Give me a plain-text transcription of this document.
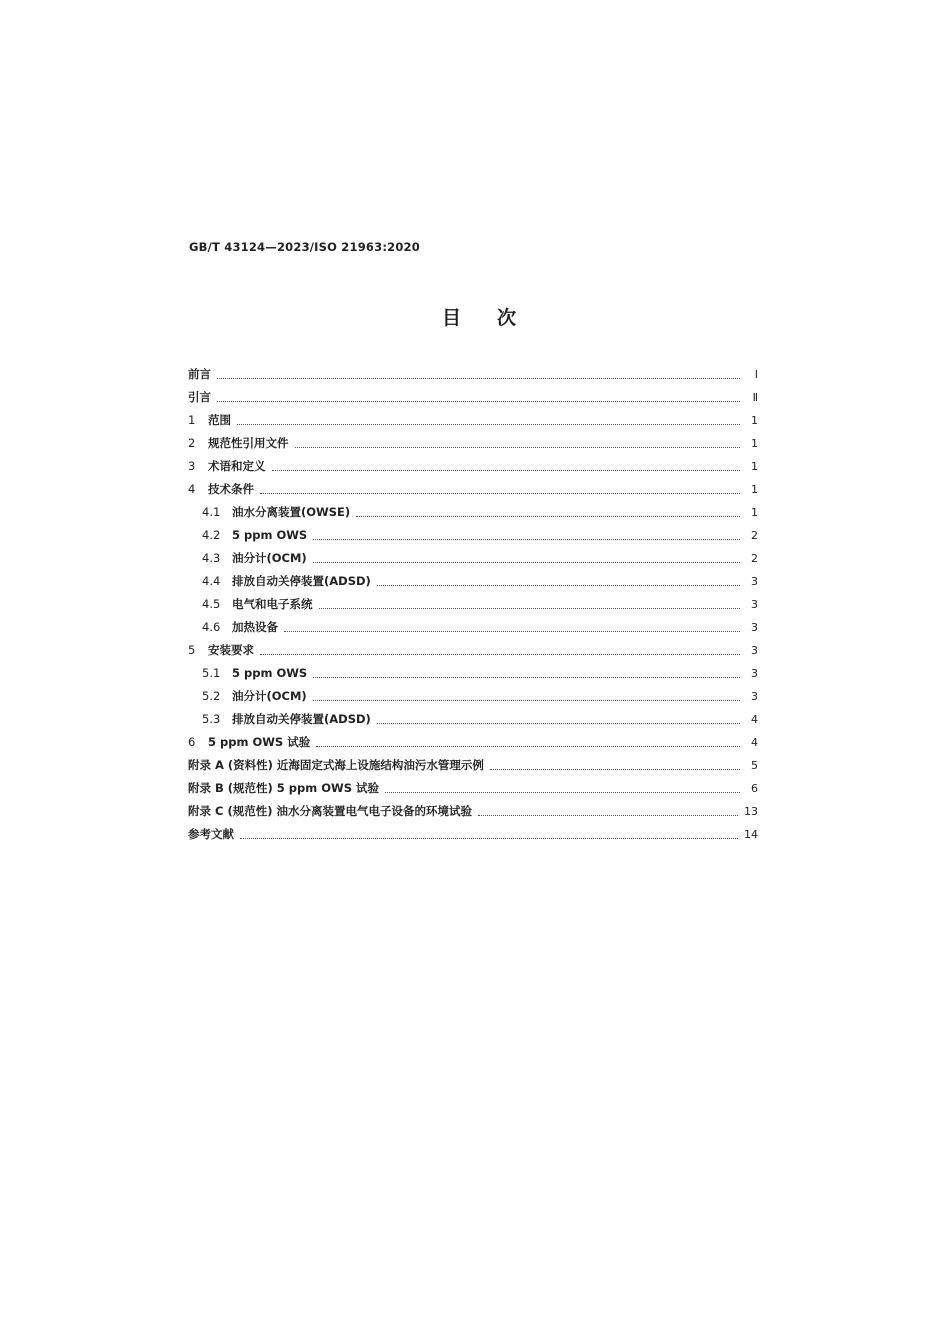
GB/T 43124—2023/ISO 21963:2020
目次
前言	I
引言	Ⅱ
1	范围	1
2	规范性引用文件	1
3	术语和定义	1
4	技术条件	1
4.1	油水分离装置(OWSE)	1
4.2	5 ppm OWS	2
4.3	油分计(OCM)	2
4.4	排放自动关停装置(ADSD)	3
4.5	电气和电子系统	3
4.6	加热设备	3
5	安装要求	3
5.1	5 ppm OWS	3
5.2	油分计(OCM)	3
5.3	排放自动关停装置(ADSD)	4
6	5 ppm OWS 试验	4
附录 A (资料性) 近海固定式海上设施结构油污水管理示例	5
附录 B (规范性) 5 ppm OWS 试验	6
附录 C (规范性) 油水分离装置电气电子设备的环境试验	13
参考文献	14
